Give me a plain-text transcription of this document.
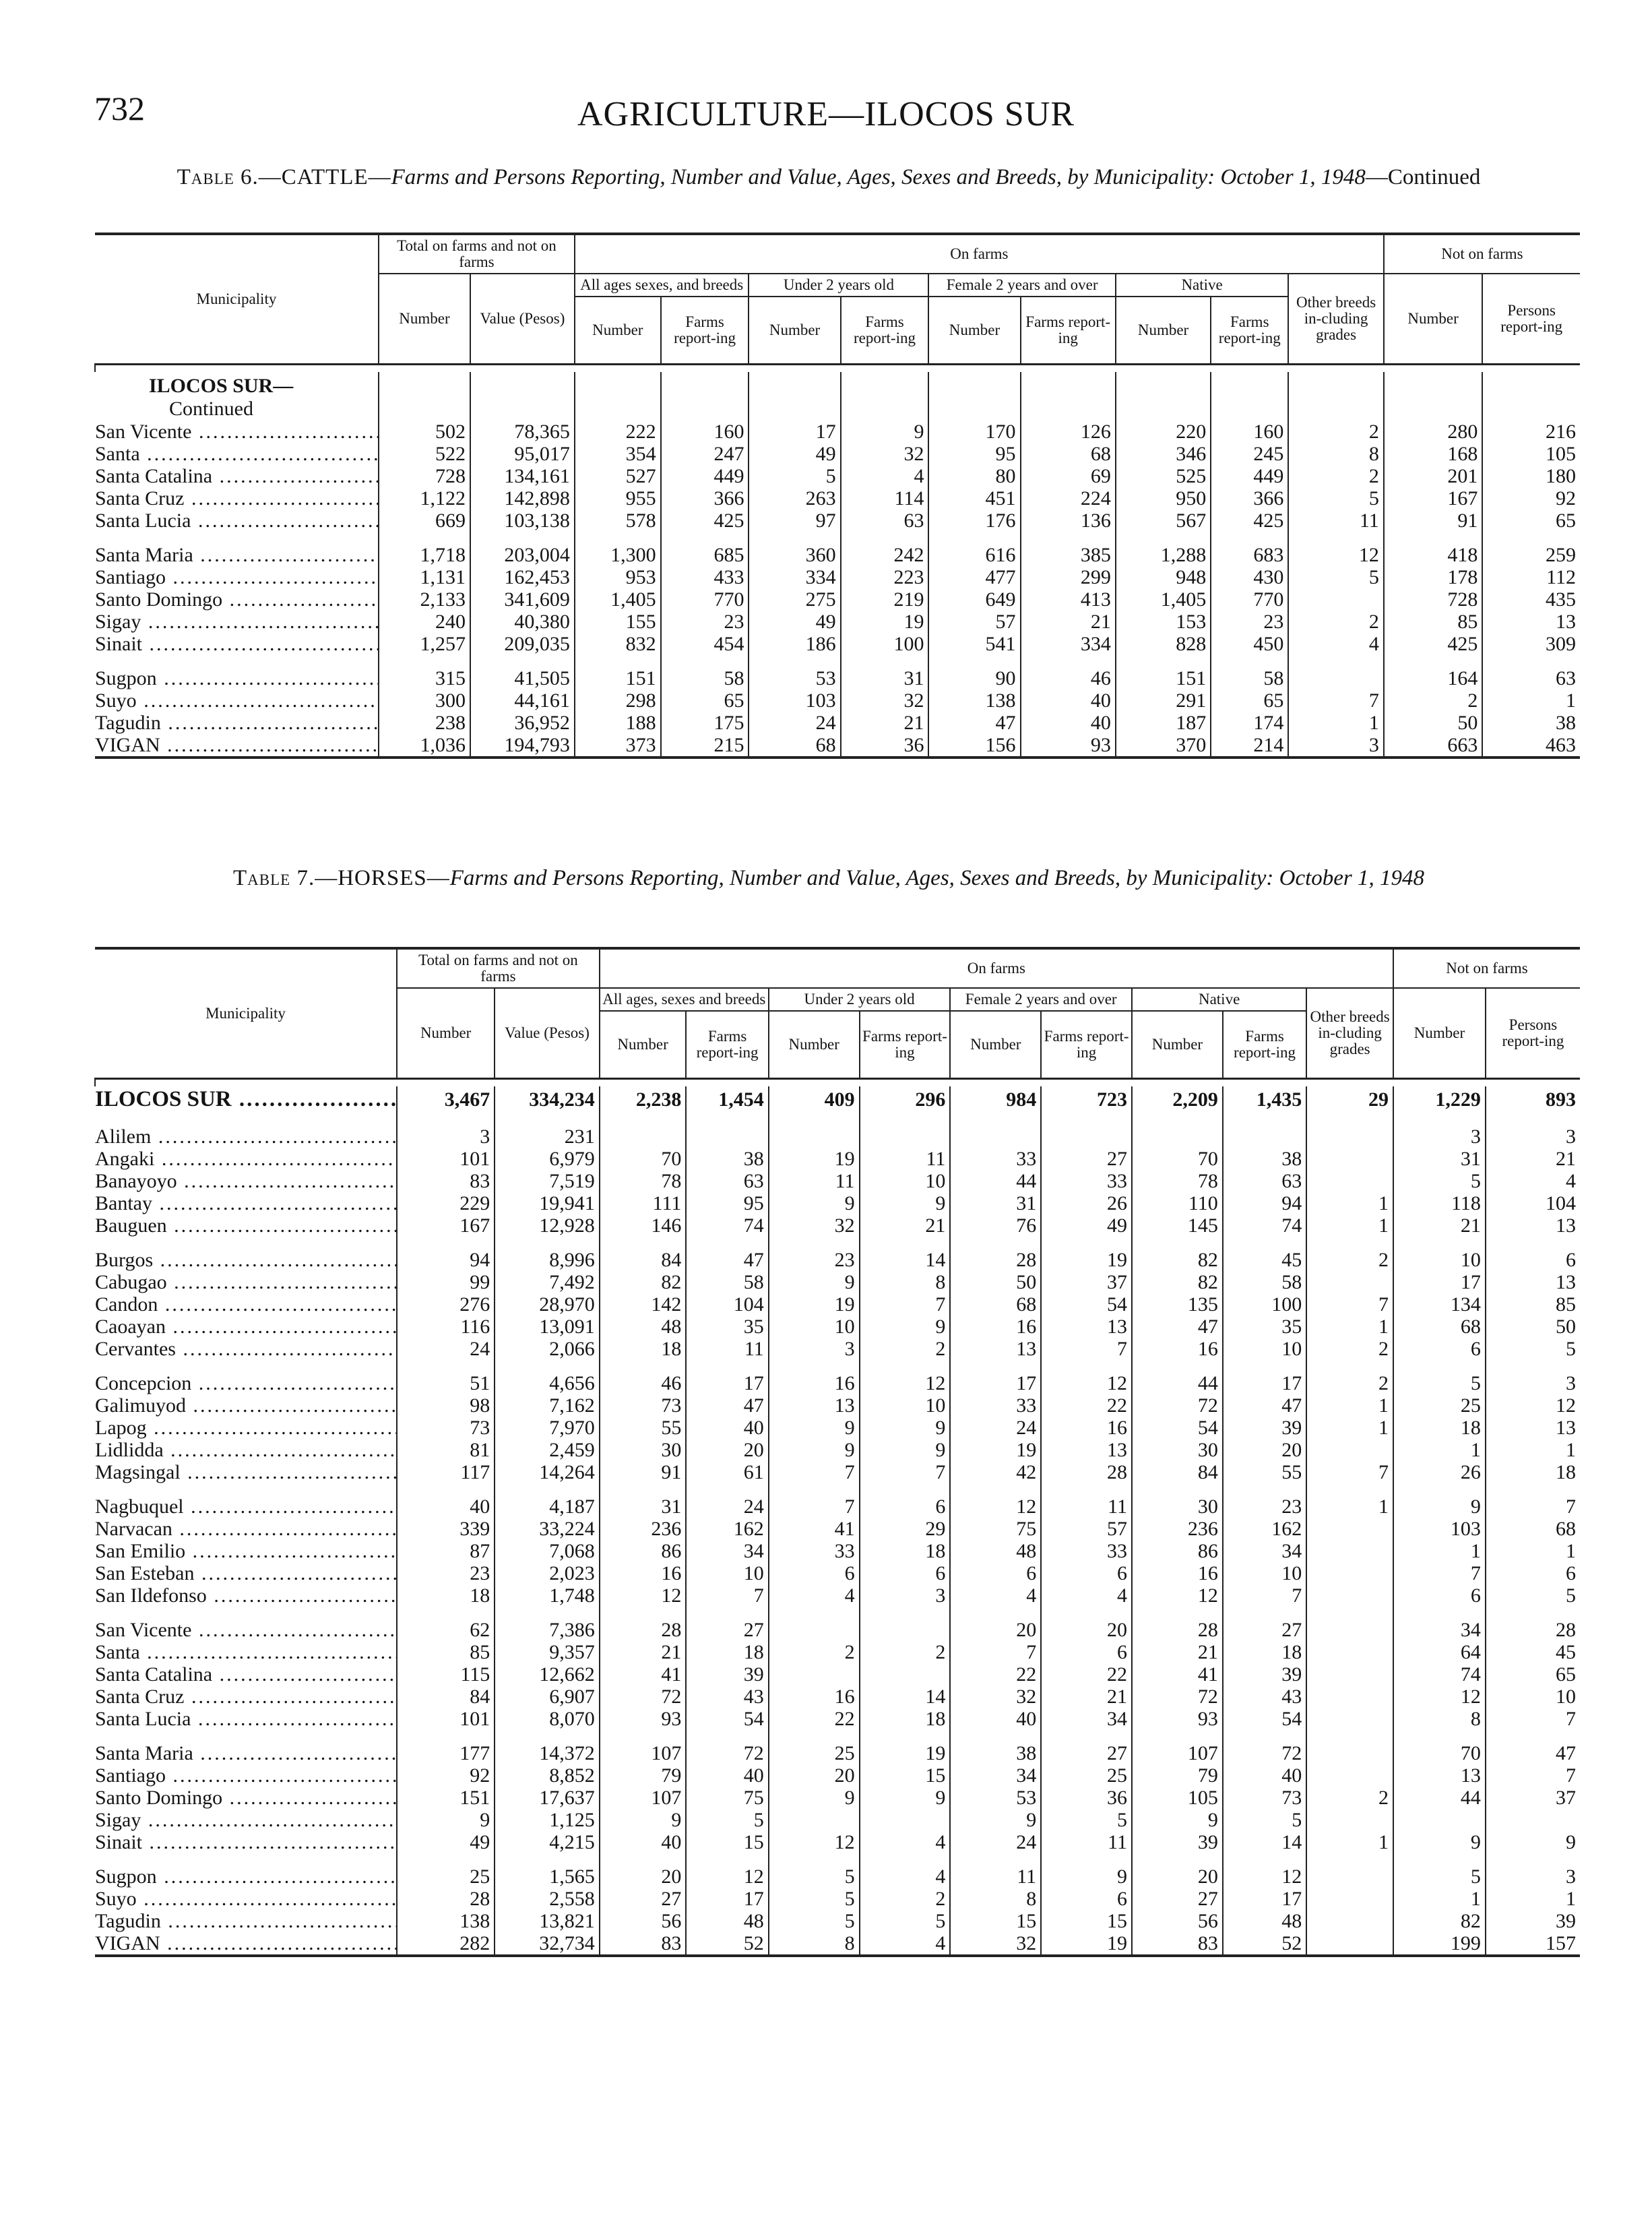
732	AGRICULTURE—ILOCOS SUR
Table 6.—CATTLE—Farms and Persons Reporting, Number and Value, Ages, Sexes and Breeds, by Municipality: October 1, 1948—Continued
Municipality	Total on farms and not on farms		On farms									Not on farms	
	Number	Value (Pesos)	All ages sexes, and breeds		Under 2 years old		Female 2 years and over		Native		Other breeds in-cluding grades	Number	Persons report-ing
			Number	Farms report-ing	Number	Farms report-ing	Number	Farms report-ing	Number	Farms report-ing			

ILOCOS SUR—
Continued													

San Vicente .....	502	78,365	222	160	17	9	170	126	220	160	2	280	216
Santa .....	522	95,017	354	247	49	32	95	68	346	245	8	168	105
Santa Catalina .....	728	134,161	527	449	5	4	80	69	525	449	2	201	180
Santa Cruz .....	1,122	142,898	955	366	263	114	451	224	950	366	5	167	92
Santa Lucia .....	669	103,138	578	425	97	63	176	136	567	425	11	91	65

Santa Maria .....	1,718	203,004	1,300	685	360	242	616	385	1,288	683	12	418	259
Santiago .....	1,131	162,453	953	433	334	223	477	299	948	430	5	178	112
Santo Domingo .....	2,133	341,609	1,405	770	275	219	649	413	1,405	770		728	435
Sigay .....	240	40,380	155	23	49	19	57	21	153	23	2	85	13
Sinait .....	1,257	209,035	832	454	186	100	541	334	828	450	4	425	309

Sugpon .....	315	41,505	151	58	53	31	90	46	151	58		164	63
Suyo .....	300	44,161	298	65	103	32	138	40	291	65	7	2	1
Tagudin .....	238	36,952	188	175	24	21	47	40	187	174	1	50	38
VIGAN .....	1,036	194,793	373	215	68	36	156	93	370	214	3	663	463
Table 7.—HORSES—Farms and Persons Reporting, Number and Value, Ages, Sexes and Breeds, by Municipality: October 1, 1948
Municipality	Total on farms and not on farms		On farms									Not on farms	
	Number	Value (Pesos)	All ages, sexes and breeds		Under 2 years old		Female 2 years and over		Native		Other breeds in-cluding grades	Number	Persons report-ing
			Number	Farms report-ing	Number	Farms report-ing	Number	Farms report-ing	Number	Farms report-ing			

ILOCOS SUR .....	3,467	334,234	2,238	1,454	409	296	984	723	2,209	1,435	29	1,229	893

Alilem .....	3	231										3	3
Angaki .....	101	6,979	70	38	19	11	33	27	70	38		31	21
Banayoyo .....	83	7,519	78	63	11	10	44	33	78	63		5	4
Bantay .....	229	19,941	111	95	9	9	31	26	110	94	1	118	104
Bauguen .....	167	12,928	146	74	32	21	76	49	145	74	1	21	13

Burgos .....	94	8,996	84	47	23	14	28	19	82	45	2	10	6
Cabugao .....	99	7,492	82	58	9	8	50	37	82	58		17	13
Candon .....	276	28,970	142	104	19	7	68	54	135	100	7	134	85
Caoayan .....	116	13,091	48	35	10	9	16	13	47	35	1	68	50
Cervantes .....	24	2,066	18	11	3	2	13	7	16	10	2	6	5

Concepcion .....	51	4,656	46	17	16	12	17	12	44	17	2	5	3
Galimuyod .....	98	7,162	73	47	13	10	33	22	72	47	1	25	12
Lapog .....	73	7,970	55	40	9	9	24	16	54	39	1	18	13
Lidlidda .....	81	2,459	30	20	9	9	19	13	30	20		1	1
Magsingal .....	117	14,264	91	61	7	7	42	28	84	55	7	26	18

Nagbuquel .....	40	4,187	31	24	7	6	12	11	30	23	1	9	7
Narvacan .....	339	33,224	236	162	41	29	75	57	236	162		103	68
San Emilio .....	87	7,068	86	34	33	18	48	33	86	34		1	1
San Esteban .....	23	2,023	16	10	6	6	6	6	16	10		7	6
San Ildefonso .....	18	1,748	12	7	4	3	4	4	12	7		6	5

San Vicente .....	62	7,386	28	27			20	20	28	27		34	28
Santa .....	85	9,357	21	18	2	2	7	6	21	18		64	45
Santa Catalina .....	115	12,662	41	39			22	22	41	39		74	65
Santa Cruz .....	84	6,907	72	43	16	14	32	21	72	43		12	10
Santa Lucia .....	101	8,070	93	54	22	18	40	34	93	54		8	7

Santa Maria .....	177	14,372	107	72	25	19	38	27	107	72		70	47
Santiago .....	92	8,852	79	40	20	15	34	25	79	40		13	7
Santo Domingo .....	151	17,637	107	75	9	9	53	36	105	73	2	44	37
Sigay .....	9	1,125	9	5			9	5	9	5			
Sinait .....	49	4,215	40	15	12	4	24	11	39	14	1	9	9

Sugpon .....	25	1,565	20	12	5	4	11	9	20	12		5	3
Suyo .....	28	2,558	27	17	5	2	8	6	27	17		1	1
Tagudin .....	138	13,821	56	48	5	5	15	15	56	48		82	39
VIGAN .....	282	32,734	83	52	8	4	32	19	83	52		199	157
